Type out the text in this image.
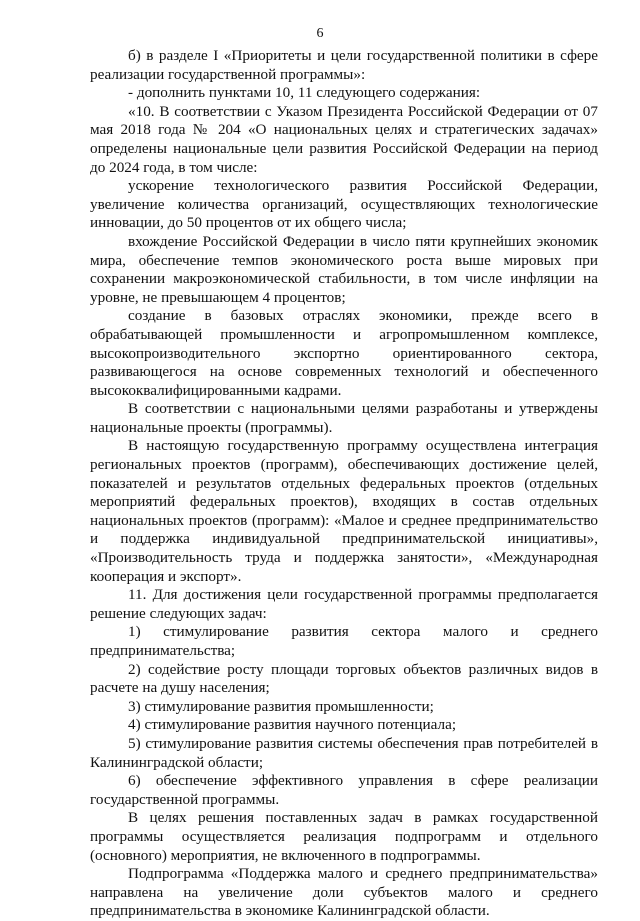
6

б) в разделе I «Приоритеты и цели государственной политики в сфере реализации государственной программы»:

- дополнить пунктами 10, 11 следующего содержания:

«10. В соответствии с Указом Президента Российской Федерации от 07 мая 2018 года № 204 «О национальных целях и стратегических задачах» определены национальные цели развития Российской Федерации на период до 2024 года, в том числе:

ускорение технологического развития Российской Федерации, увеличение количества организаций, осуществляющих технологические инновации, до 50 процентов от их общего числа;

вхождение Российской Федерации в число пяти крупнейших экономик мира, обеспечение темпов экономического роста выше мировых при сохранении макроэкономической стабильности, в том числе инфляции на уровне, не превышающем 4 процентов;

создание в базовых отраслях экономики, прежде всего в обрабатывающей промышленности и агропромышленном комплексе, высокопроизводительного экспортно ориентированного сектора, развивающегося на основе современных технологий и обеспеченного высококвалифицированными кадрами.

В соответствии с национальными целями разработаны и утверждены национальные проекты (программы).

В настоящую государственную программу осуществлена интеграция региональных проектов (программ), обеспечивающих достижение целей, показателей и результатов отдельных федеральных проектов (отдельных мероприятий федеральных проектов), входящих в состав отдельных национальных проектов (программ): «Малое и среднее предпринимательство и поддержка индивидуальной предпринимательской инициативы», «Производительность труда и поддержка занятости», «Международная кооперация и экспорт».

11. Для достижения цели государственной программы предполагается решение следующих задач:

1) стимулирование развития сектора малого и среднего предпринимательства;

2) содействие росту площади торговых объектов различных видов в расчете на душу населения;

3) стимулирование развития промышленности;

4) стимулирование развития научного потенциала;

5) стимулирование развития системы обеспечения прав потребителей в Калининградской области;

6) обеспечение эффективного управления в сфере реализации государственной программы.

В целях решения поставленных задач в рамках государственной программы осуществляется реализация подпрограмм и отдельного (основного) мероприятия, не включенного в подпрограммы.

Подпрограмма «Поддержка малого и среднего предпринимательства» направлена на увеличение доли субъектов малого и среднего предпринимательства в экономике Калининградской области.
